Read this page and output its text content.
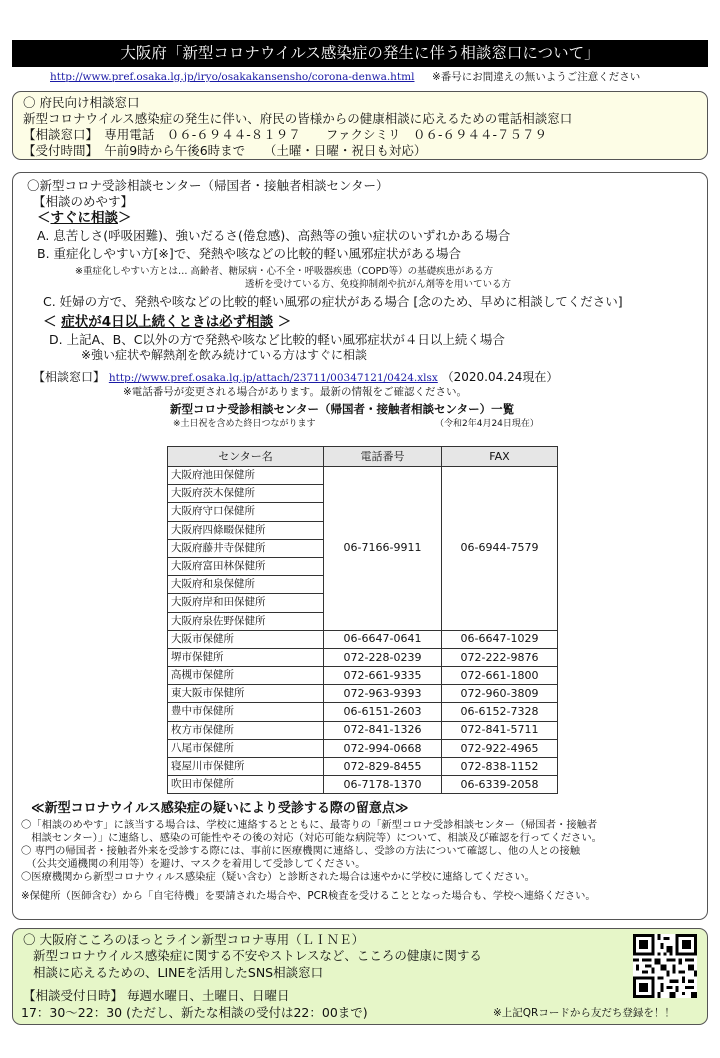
大阪府「新型コロナウイルス感染症の発生に伴う相談窓口について」
http://www.pref.osaka.lg.jp/iryo/osakakansensho/corona-denwa.html ※番号にお間違えの無いようご注意ください
〇 府民向け相談窓口
新型コロナウイルス感染症の発生に伴い、府民の皆様からの健康相談に応えるための電話相談窓口
【相談窓口】　専用電話　０６-６９４４-８１９７　　ファクシミリ　０６-６９４４-７５７９
【受付時間】　午前9時から午後6時まで　　（土曜・日曜・祝日も対応）
〇新型コロナ受診相談センター（帰国者・接触者相談センター）
【相談のめやす】
＜すぐに相談＞
A. 息苦しさ(呼吸困難)、強いだるさ(倦怠感)、高熱等の強い症状のいずれかある場合
B. 重症化しやすい方[※]で、発熱や咳などの比較的軽い風邪症状がある場合
※重症化しやすい方とは… 高齢者、糖尿病・心不全・呼吸器疾患（COPD等）の基礎疾患がある方
透析を受けている方、免疫抑制剤や抗がん剤等を用いている方
C. 妊婦の方で、発熱や咳などの比較的軽い風邪の症状がある場合 [念のため、早めに相談してください]
＜ 症状が4日以上続くときは必ず相談 ＞
D. 上記A、B、C以外の方で発熱や咳など比較的軽い風邪症状が４日以上続く場合
※強い症状や解熱剤を飲み続けている方はすぐに相談
【相談窓口】 http://www.pref.osaka.lg.jp/attach/23711/00347121/0424.xlsx （2020.04.24現在）
※電話番号が変更される場合があります。最新の情報をご確認ください。
新型コロナ受診相談センター（帰国者・接触者相談センター）一覧
※土日祝を含めた終日つながります	（令和2年4月24日現在）
センター名	電話番号	FAX
大阪府池田保健所	06-7166-9911	06-6944-7579
大阪府茨木保健所		
大阪府守口保健所		
大阪府四條畷保健所		
大阪府藤井寺保健所		
大阪府富田林保健所		
大阪府和泉保健所		
大阪府岸和田保健所		
大阪府泉佐野保健所		
大阪市保健所	06-6647-0641	06-6647-1029
堺市保健所	072-228-0239	072-222-9876
高槻市保健所	072-661-9335	072-661-1800
東大阪市保健所	072-963-9393	072-960-3809
豊中市保健所	06-6151-2603	06-6152-7328
枚方市保健所	072-841-1326	072-841-5711
八尾市保健所	072-994-0668	072-922-4965
寝屋川市保健所	072-829-8455	072-838-1152
吹田市保健所	06-7178-1370	06-6339-2058
≪新型コロナウイルス感染症の疑いにより受診する際の留意点≫
〇「相談のめやす」に該当する場合は、学校に連絡するとともに、最寄りの「新型コロナ受診相談センター（帰国者・接触者
　相談センター）」に連絡し、感染の可能性やその後の対応（対応可能な病院等）について、相談及び確認を行ってください。
〇 専門の帰国者・接触者外来を受診する際には、事前に医療機関に連絡し、受診の方法について確認し、他の人との接触
　（公共交通機関の利用等）を避け、マスクを着用して受診してください。
〇医療機関から新型コロナウィルス感染症（疑い含む）と診断された場合は速やかに学校に連絡してください。
※保健所（医師含む）から「自宅待機」を要請された場合や、PCR検査を受けることとなった場合も、学校へ連絡ください。
〇 大阪府こころのほっとライン新型コロナ専用（ＬＩＮＥ）
新型コロナウイルス感染症に関する不安やストレスなど、こころの健康に関する
相談に応えるための、LINEを活用したSNS相談窓口
【相談受付日時】 毎週水曜日、土曜日、日曜日
17：30〜22：30 (ただし、新たな相談の受付は22：00まで)	※上記QRコードから友だち登録を！！
